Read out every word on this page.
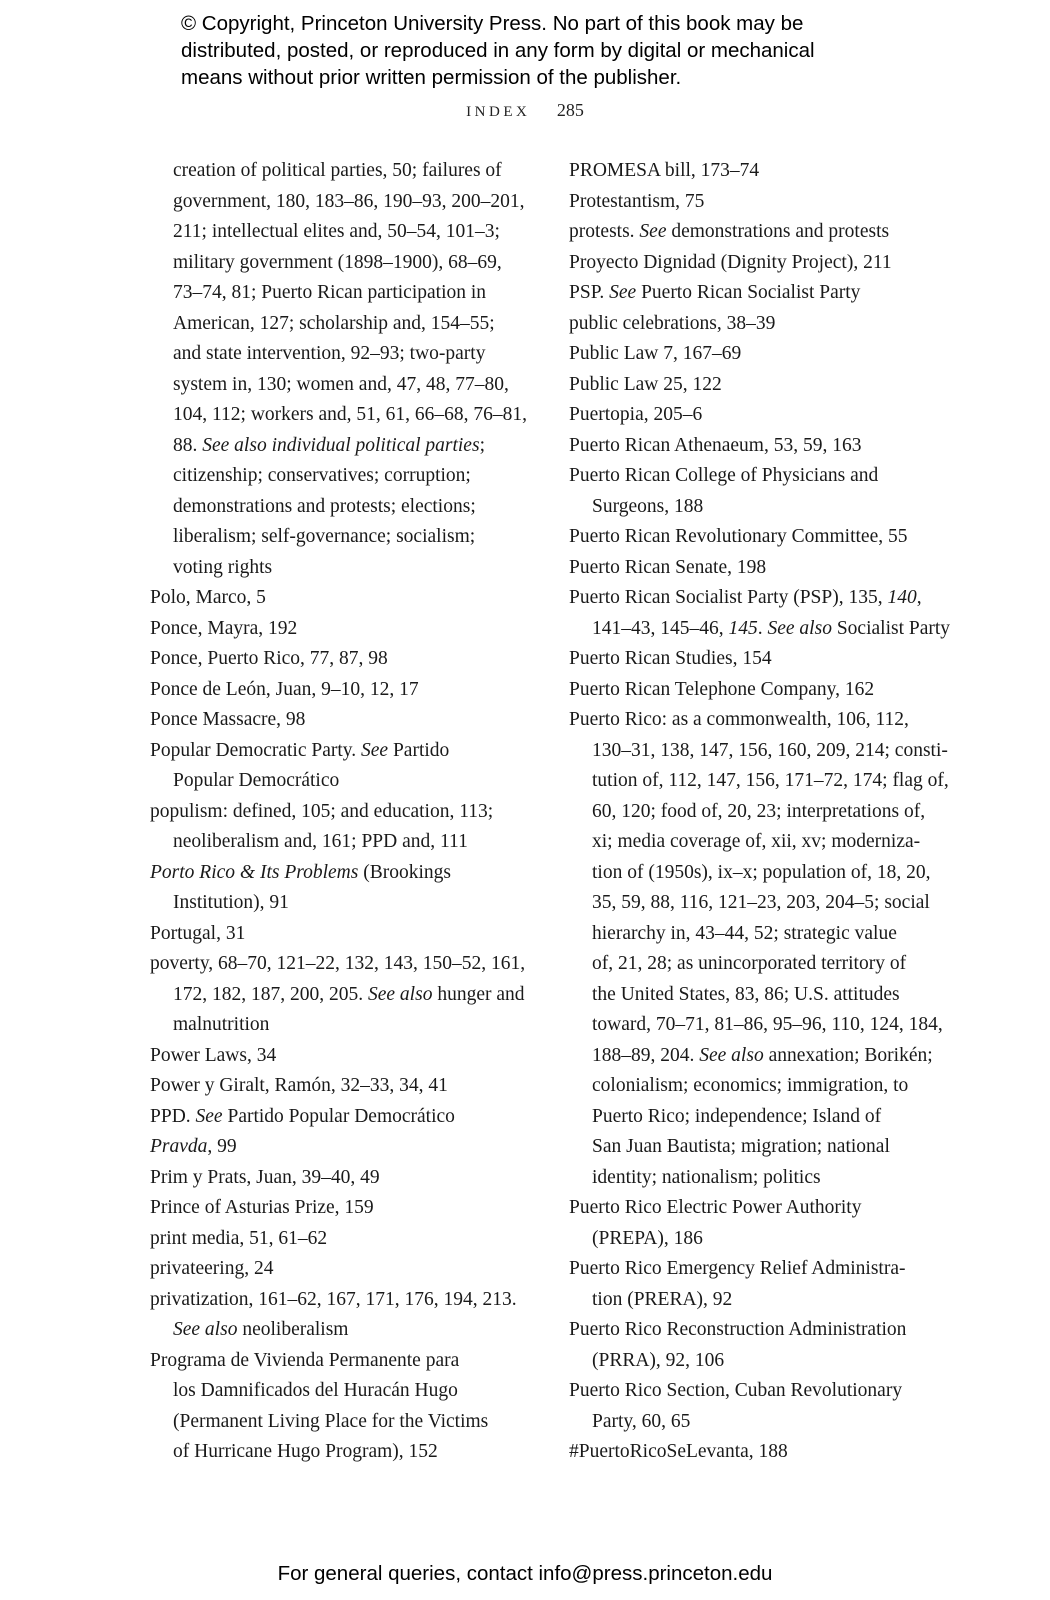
© Copyright, Princeton University Press. No part of this book may be
distributed, posted, or reproduced in any form by digital or mechanical
means without prior written permission of the publisher.
INDEX 285
creation of political parties, 50; failures of
government, 180, 183–86, 190–93, 200–201,
211; intellectual elites and, 50–54, 101–3;
military government (1898–1900), 68–69,
73–74, 81; Puerto Rican participation in
American, 127; scholarship and, 154–55;
and state intervention, 92–93; two-party
system in, 130; women and, 47, 48, 77–80,
104, 112; workers and, 51, 61, 66–68, 76–81,
88. See also individual political parties;
citizenship; conservatives; corruption;
demonstrations and protests; elections;
liberalism; self-governance; socialism;
voting rights
Polo, Marco, 5
Ponce, Mayra, 192
Ponce, Puerto Rico, 77, 87, 98
Ponce de León, Juan, 9–10, 12, 17
Ponce Massacre, 98
Popular Democratic Party. See Partido
Popular Democrático
populism: defined, 105; and education, 113;
neoliberalism and, 161; PPD and, 111
Porto Rico & Its Problems (Brookings
Institution), 91
Portugal, 31
poverty, 68–70, 121–22, 132, 143, 150–52, 161,
172, 182, 187, 200, 205. See also hunger and
malnutrition
Power Laws, 34
Power y Giralt, Ramón, 32–33, 34, 41
PPD. See Partido Popular Democrático
Pravda, 99
Prim y Prats, Juan, 39–40, 49
Prince of Asturias Prize, 159
print media, 51, 61–62
privateering, 24
privatization, 161–62, 167, 171, 176, 194, 213.
See also neoliberalism
Programa de Vivienda Permanente para
los Damnificados del Huracán Hugo
(Permanent Living Place for the Victims
of Hurricane Hugo Program), 152
PROMESA bill, 173–74
Protestantism, 75
protests. See demonstrations and protests
Proyecto Dignidad (Dignity Project), 211
PSP. See Puerto Rican Socialist Party
public celebrations, 38–39
Public Law 7, 167–69
Public Law 25, 122
Puertopia, 205–6
Puerto Rican Athenaeum, 53, 59, 163
Puerto Rican College of Physicians and
Surgeons, 188
Puerto Rican Revolutionary Committee, 55
Puerto Rican Senate, 198
Puerto Rican Socialist Party (PSP), 135, 140,
141–43, 145–46, 145. See also Socialist Party
Puerto Rican Studies, 154
Puerto Rican Telephone Company, 162
Puerto Rico: as a commonwealth, 106, 112,
130–31, 138, 147, 156, 160, 209, 214; consti-
tution of, 112, 147, 156, 171–72, 174; flag of,
60, 120; food of, 20, 23; interpretations of,
xi; media coverage of, xii, xv; moderniza-
tion of (1950s), ix–x; population of, 18, 20,
35, 59, 88, 116, 121–23, 203, 204–5; social
hierarchy in, 43–44, 52; strategic value
of, 21, 28; as unincorporated territory of
the United States, 83, 86; U.S. attitudes
toward, 70–71, 81–86, 95–96, 110, 124, 184,
188–89, 204. See also annexation; Borikén;
colonialism; economics; immigration, to
Puerto Rico; independence; Island of
San Juan Bautista; migration; national
identity; nationalism; politics
Puerto Rico Electric Power Authority
(PREPA), 186
Puerto Rico Emergency Relief Administra-
tion (PRERA), 92
Puerto Rico Reconstruction Administration
(PRRA), 92, 106
Puerto Rico Section, Cuban Revolutionary
Party, 60, 65
#PuertoRicoSeLevanta, 188
For general queries, contact info@press.princeton.edu
